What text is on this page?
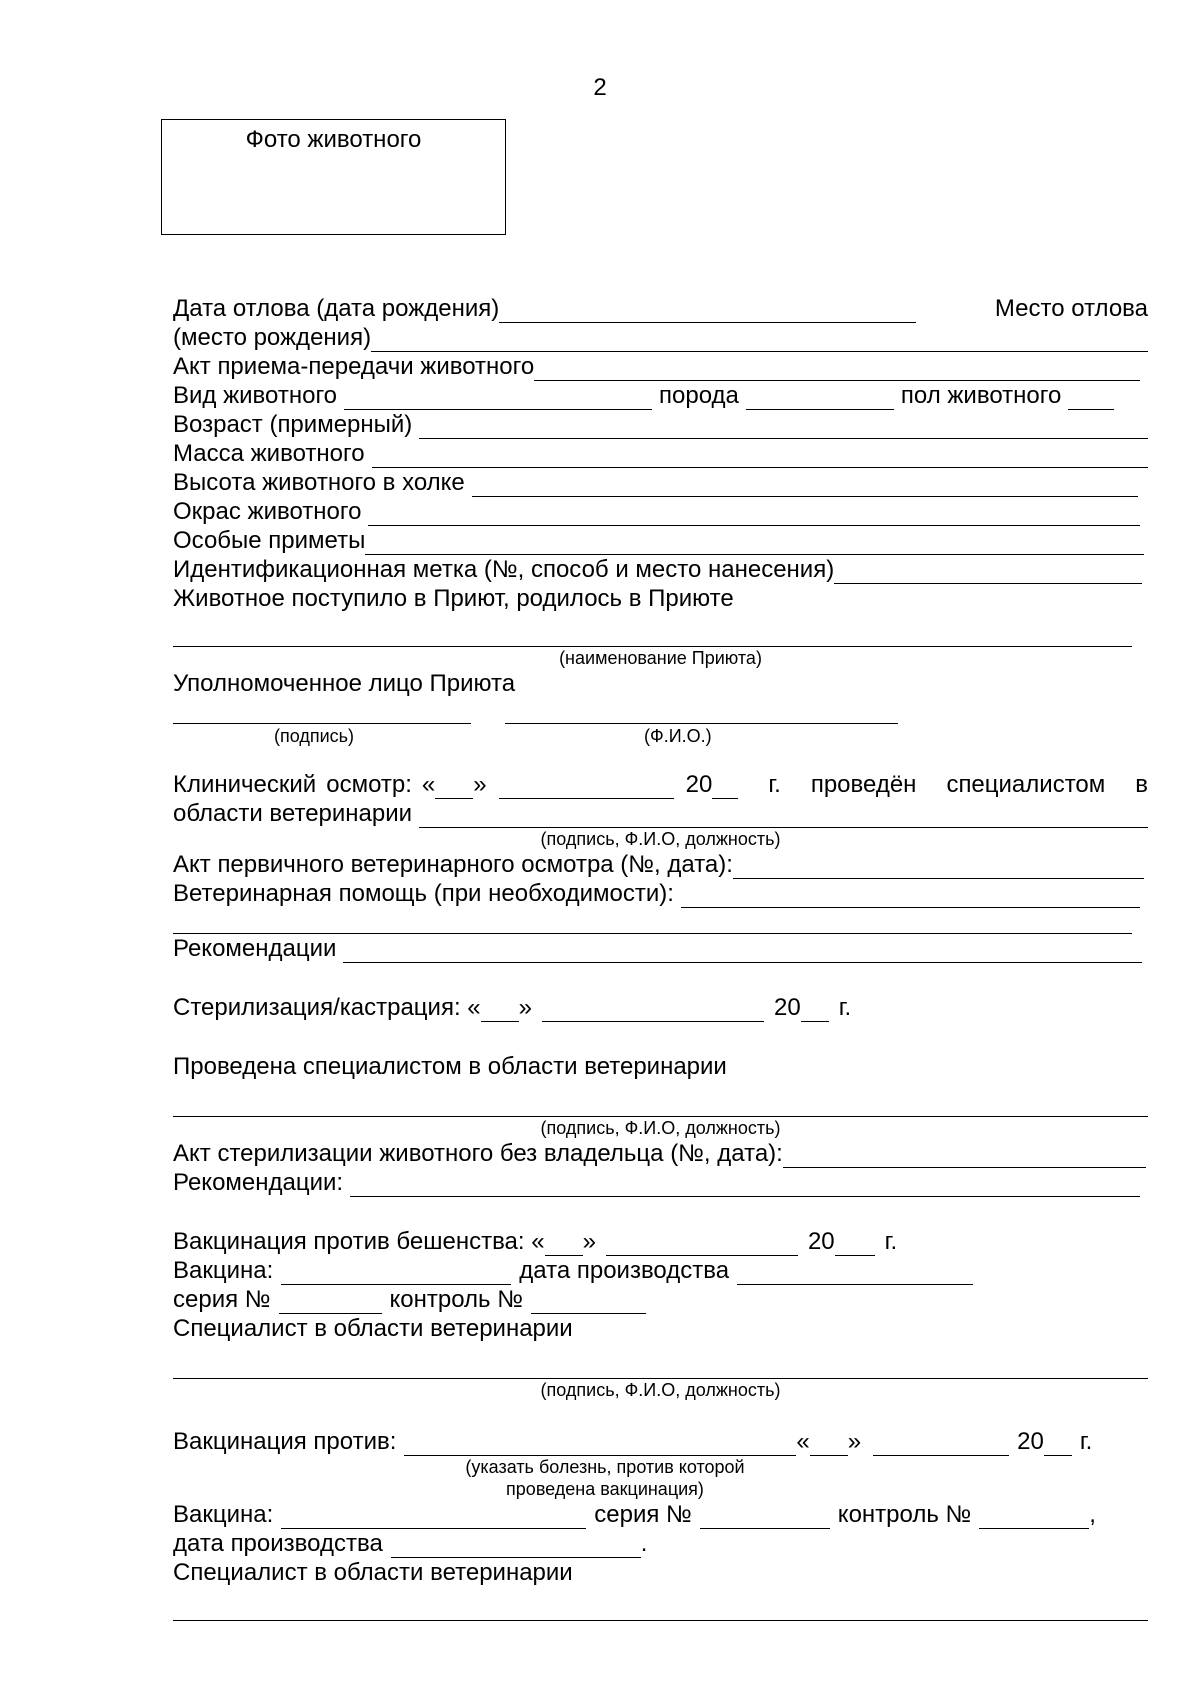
2
Фото животного
Дата отлова (дата рождения)	Место отлова
(место рождения)
Акт приема-передачи животного
Вид животного	порода	пол животного
Возраст (примерный)
Масса животного
Высота животного в холке
Окрас животного
Особые приметы
Идентификационная метка (№, способ и место нанесения)
Животное поступило в Приют, родилось в Приюте
(наименование Приюта)
Уполномоченное лицо Приюта
(подпись)	(Ф.И.О.)
Клинический осмотр: « »	20 г. проведён специалистом в
области ветеринарии
(подпись, Ф.И.О, должность)
Акт первичного ветеринарного осмотра (№, дата):
Ветеринарная помощь (при необходимости):
Рекомендации
Стерилизация/кастрация: « »	20 г.
Проведена специалистом в области ветеринарии
(подпись, Ф.И.О, должность)
Акт стерилизации животного без владельца (№, дата):
Рекомендации:
Вакцинация против бешенства: « »	20 г.
Вакцина:	дата производства
серия №	контроль №
Специалист в области ветеринарии
(подпись, Ф.И.О, должность)
Вакцинация против:	« »	20 г.
(указать болезнь, против которой
проведена вакцинация)
Вакцина:	серия №	контроль №	,
дата производства	.
Специалист в области ветеринарии
